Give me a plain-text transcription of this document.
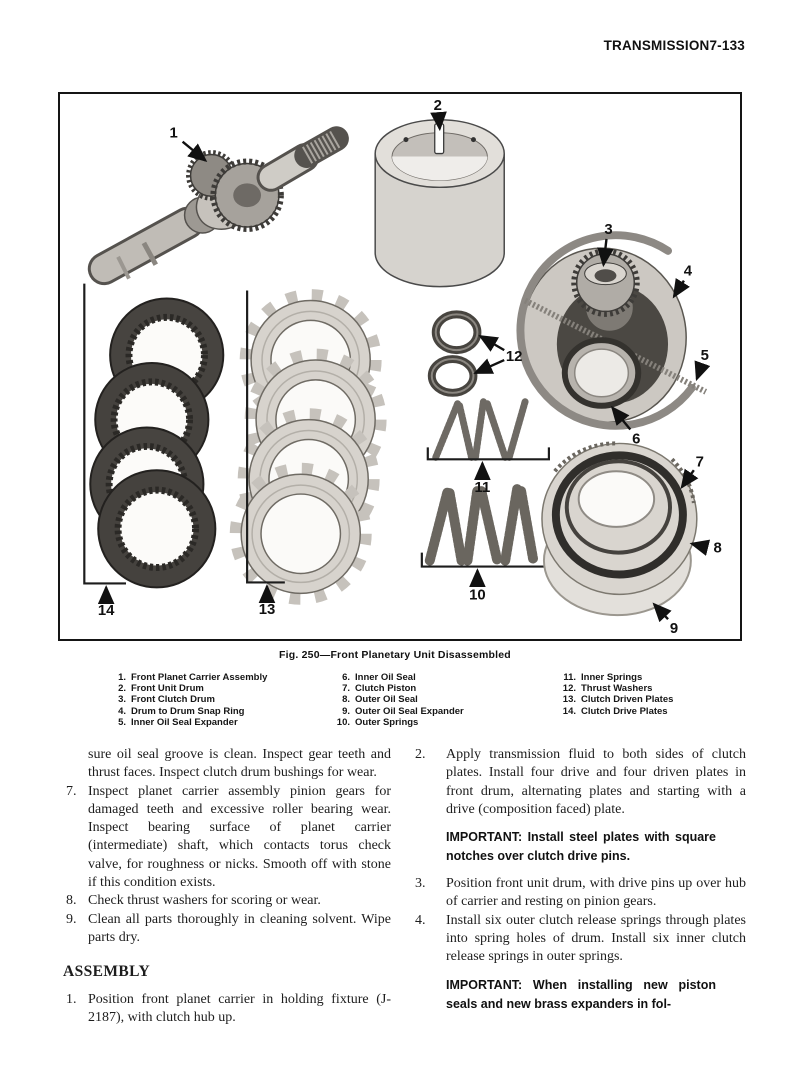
TRANSMISSION7-133
1
2
3
4
5
6
7
8
9
10
11
12
13
14
Fig. 250—Front Planetary Unit Disassembled
1. Front Planet Carrier Assembly
2. Front Unit Drum
3. Front Clutch Drum
4. Drum to Drum Snap Ring
5. Inner Oil Seal Expander
6. Inner Oil Seal
7. Clutch Piston
8. Outer Oil Seal
9. Outer Oil Seal Expander
10. Outer Springs
11. Inner Springs
12. Thrust Washers
13. Clutch Driven Plates
14. Clutch Drive Plates
sure oil seal groove is clean. Inspect gear teeth and thrust faces. Inspect clutch drum bushings for wear.
7. Inspect planet carrier assembly pinion gears for damaged teeth and excessive roller bearing wear. Inspect bearing surface of planet carrier (intermediate) shaft, which contacts torus check valve, for roughness or nicks. Smooth off with stone if this condition exists.
8. Check thrust washers for scoring or wear.
9. Clean all parts thoroughly in cleaning solvent. Wipe parts dry.
ASSEMBLY
1. Position front planet carrier in holding fixture (J-2187), with clutch hub up.
2.	Apply transmission fluid to both sides of clutch plates. Install four drive and four driven plates in front drum, alternating plates and starting with a drive (composition faced) plate.
IMPORTANT: Install steel plates with square notches over clutch drive pins.
3.	Position front unit drum, with drive pins up over hub of carrier and resting on pinion gears.
4.	Install six outer clutch release springs through plates into spring holes of drum. Install six inner clutch release springs in outer springs.
IMPORTANT: When installing new piston seals and new brass expanders in fol-
